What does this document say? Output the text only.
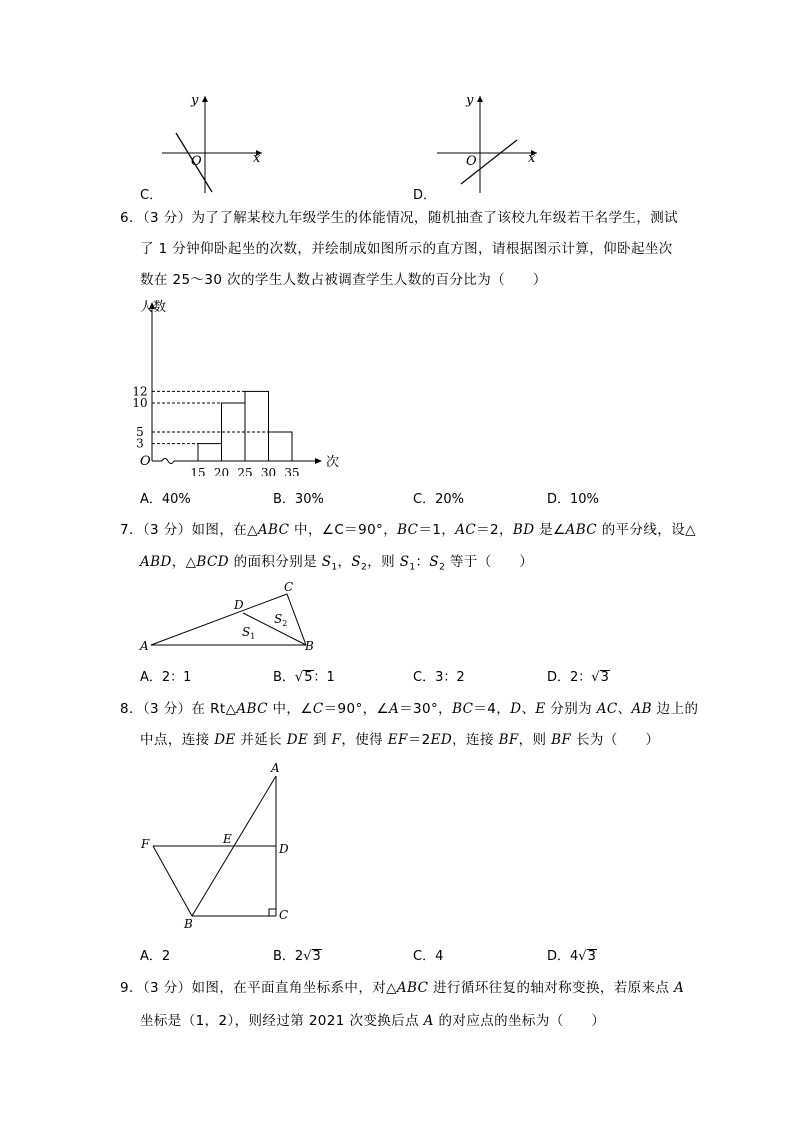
y
x
O
C．
y
x
O
D．
6．（3 分）为了了解某校九年级学生的体能情况，随机抽查了该校九年级若干名学生，测试
了 1 分钟仰卧起坐的次数，并绘制成如图所示的直方图，请根据图示计算，仰卧起坐次
数在 25～30 次的学生人数占被调查学生人数的百分比为（　　）
人数
次
O
12
10
5
3
15 20 25 30 35
A．40%	B．30%	C．20%	D．10%
7．（3 分）如图，在△ABC 中，∠C＝90°，BC＝1，AC＝2，BD 是∠ABC 的平分线，设△
ABD，△BCD 的面积分别是 $S_1$，$S_2$，则 $S_1$：$S_2$ 等于（　　）
A	B
C
D
$S_1$
$S_2$
A．2：1	B．√5：1	C．3：2	D．2：√3
8．（3 分）在 Rt△ABC 中，∠C＝90°，∠A＝30°，BC＝4，D、E 分别为 AC、AB 边上的
中点，连接 DE 并延长 DE 到 F，使得 EF＝2ED，连接 BF，则 BF 长为（　　）
A
D
C
B
E
F
A．2	B．2√3	C．4	D．4√3
9．（3 分）如图，在平面直角坐标系中，对△ABC 进行循环往复的轴对称变换，若原来点 A
坐标是（1，2），则经过第 2021 次变换后点 A 的对应点的坐标为（　　）
